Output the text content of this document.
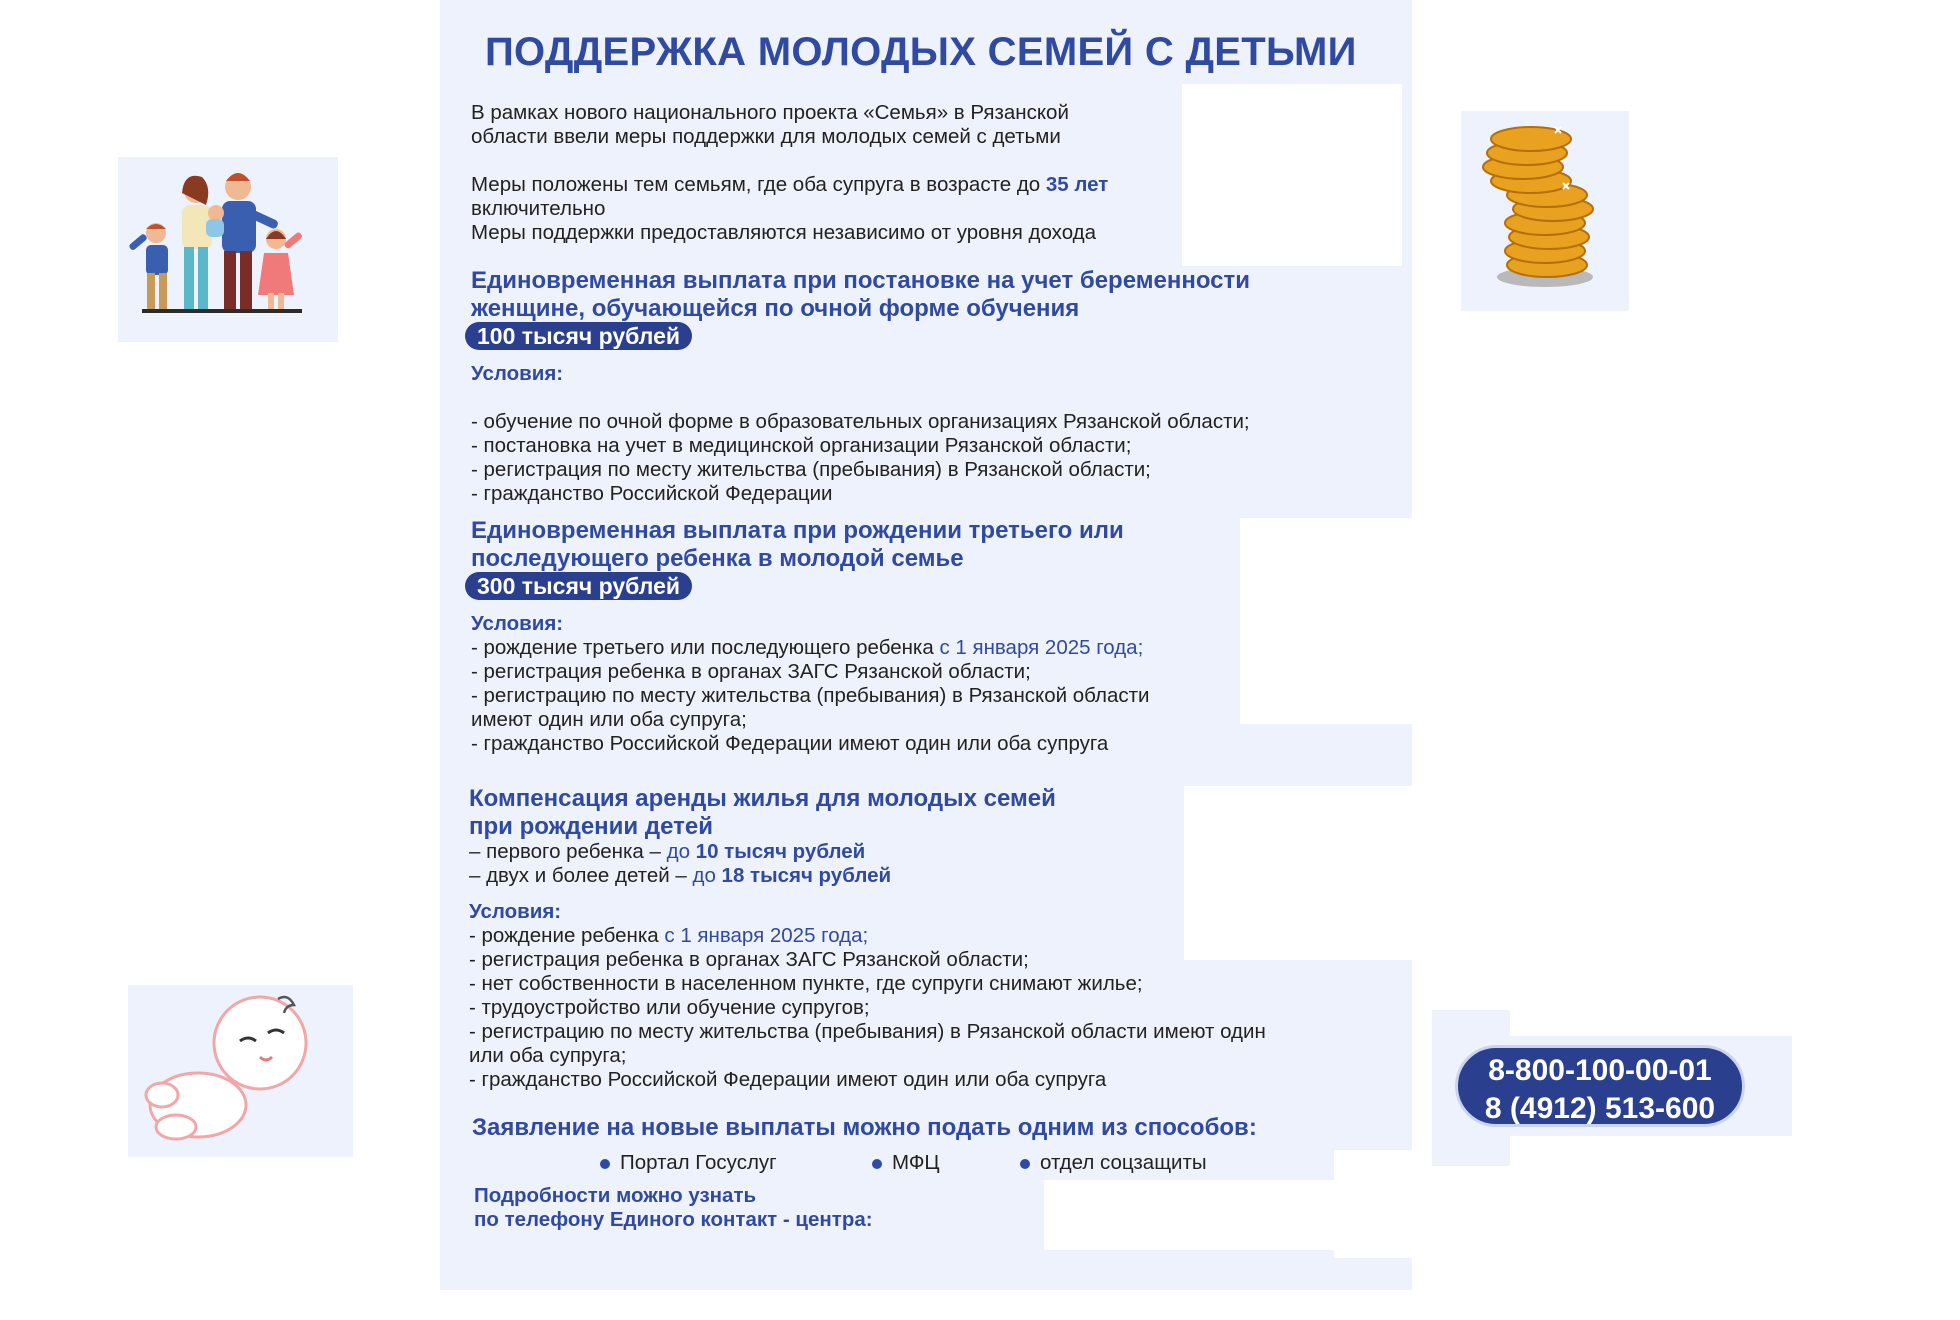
ПОДДЕРЖКА МОЛОДЫХ СЕМЕЙ С ДЕТЬМИ
В рамках нового национального проекта «Семья» в Рязанской
области ввели меры поддержки для молодых семей с детьми
Меры положены тем семьям, где оба супруга в возрасте до 35 лет
включительно
Меры поддержки предоставляются независимо от уровня дохода
Единовременная выплата при постановке на учет беременности
женщине, обучающейся по очной форме обучения
100 тысяч рублей
Условия:

- обучение по очной форме в образовательных организациях Рязанской области;
- постановка на учет в медицинской организации Рязанской области;
- регистрация по месту жительства (пребывания) в Рязанской области;
- гражданство Российской Федерации

Единовременная выплата при рождении третьего или
последующего ребенка в молодой семье
300 тысяч рублей
Условия:
- рождение третьего или последующего ребенка с 1 января 2025 года;
- регистрация ребенка в органах ЗАГС Рязанской области;
- регистрацию по месту жительства (пребывания) в Рязанской области
имеют один или оба супруга;
- гражданство Российской Федерации имеют один или оба супруга
Компенсация аренды жилья для молодых семей
при рождении детей
– первого ребенка – до 10 тысяч рублей
– двух и более детей – до 18 тысяч рублей
Условия:
- рождение ребенка с 1 января 2025 года;
- регистрация ребенка в органах ЗАГС Рязанской области;
- нет собственности в населенном пункте, где супруги снимают жилье;
- трудоустройство или обучение супругов;
- регистрацию по месту жительства (пребывания) в Рязанской области имеют один
или оба супруга;
- гражданство Российской Федерации имеют один или оба супруга
Заявление на новые выплаты можно подать одним из способов:
Портал Госуслуг	МФЦ	отдел соцзащиты
Подробности можно узнать
по телефону Единого контакт - центра:
8-800-100-00-01
8 (4912) 513-600
